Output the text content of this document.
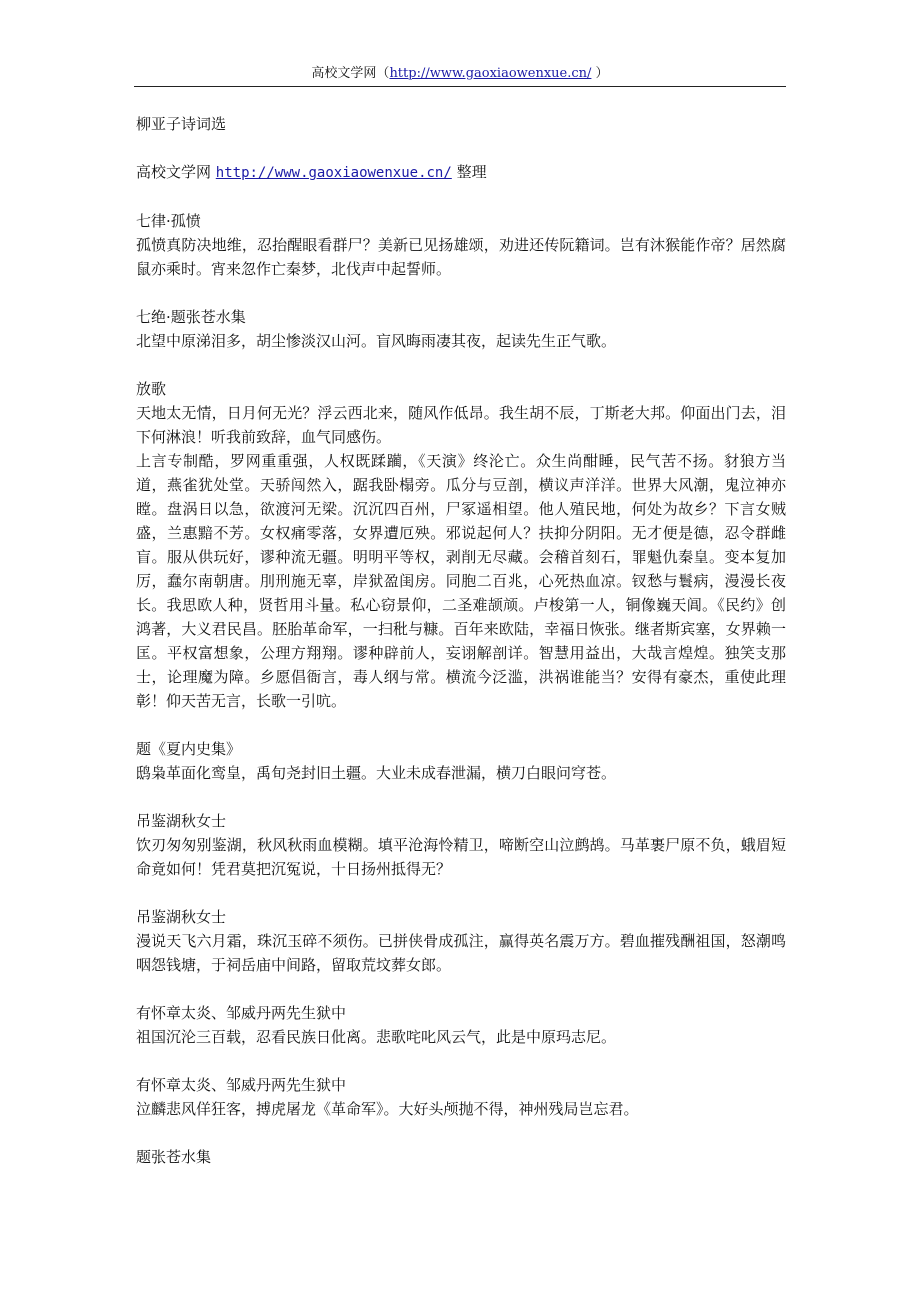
高校文学网（http://www.gaoxiaowenxue.cn/ ）

柳亚子诗词选

高校文学网 http://www.gaoxiaowenxue.cn/ 整理

七律·孤愤

孤愤真防决地维，忍抬醒眼看群尸？美新已见扬雄颂，劝进还传阮籍词。岂有沐猴能作帝？居然腐鼠亦乘时。宵来忽作亡秦梦，北伐声中起誓师。

七绝·题张苍水集

北望中原涕泪多，胡尘惨淡汉山河。盲风晦雨凄其夜，起读先生正气歌。

放歌

天地太无情，日月何无光？浮云西北来，随风作低昂。我生胡不辰，丁斯老大邦。仰面出门去，泪下何淋浪！听我前致辞，血气同感伤。

上言专制酷，罗网重重强，人权既蹂躏，《天演》终沦亡。众生尚酣睡，民气苦不扬。豺狼方当道，燕雀犹处堂。天骄闯然入，踞我卧榻旁。瓜分与豆剖，横议声洋洋。世界大风潮，鬼泣神亦瞠。盘涡日以急，欲渡河无梁。沉沉四百州，尸冢遥相望。他人殖民地，何处为故乡？下言女贼盛，兰惠黯不芳。女权痛零落，女界遭厄殃。邪说起何人？扶抑分阴阳。无才便是德，忍令群雌盲。服从供玩好，谬种流无疆。明明平等权，剥削无尽藏。会稽首刻石，罪魁仇秦皇。变本复加厉，蠢尔南朝唐。刖刑施无辜，岸狱盈闺房。同胞二百兆，心死热血凉。钗愁与鬟病，漫漫长夜长。我思欧人种，贤哲用斗量。私心窃景仰，二圣难颉颃。卢梭第一人，铜像巍天阊。《民约》创鸿著，大义君民昌。胚胎革命军，一扫秕与糠。百年来欧陆，幸福日恢张。继者斯宾塞，女界赖一匡。平权富想象，公理方翔翔。谬种辟前人，妄诩解剖详。智慧用益出，大哉言煌煌。独笑支那士，论理魔为障。乡愿倡衙言，毒人纲与常。横流今泛滥，洪祸谁能当？安得有豪杰，重使此理彰！仰天苦无言，长歌一引吭。

题《夏内史集》

鸱枭革面化鸾皇，禹旬尧封旧土疆。大业未成春泄漏，横刀白眼问穹苍。

吊鉴湖秋女士

饮刃匆匆别鉴湖，秋风秋雨血模糊。填平沧海怜精卫，啼断空山泣鹧鸪。马革裹尸原不负，蛾眉短命竟如何！凭君莫把沉冤说，十日扬州抵得无？

吊鉴湖秋女士

漫说天飞六月霜，珠沉玉碎不须伤。已拼侠骨成孤注，赢得英名震万方。碧血摧残酬祖国，怒潮鸣咽怨钱塘，于祠岳庙中间路，留取荒坟葬女郎。

有怀章太炎、邹威丹两先生狱中

祖国沉沦三百载，忍看民族日仳离。悲歌咤叱风云气，此是中原玛志尼。

有怀章太炎、邹威丹两先生狱中

泣麟悲风佯狂客，搏虎屠龙《革命军》。大好头颅抛不得，神州残局岂忘君。

题张苍水集
